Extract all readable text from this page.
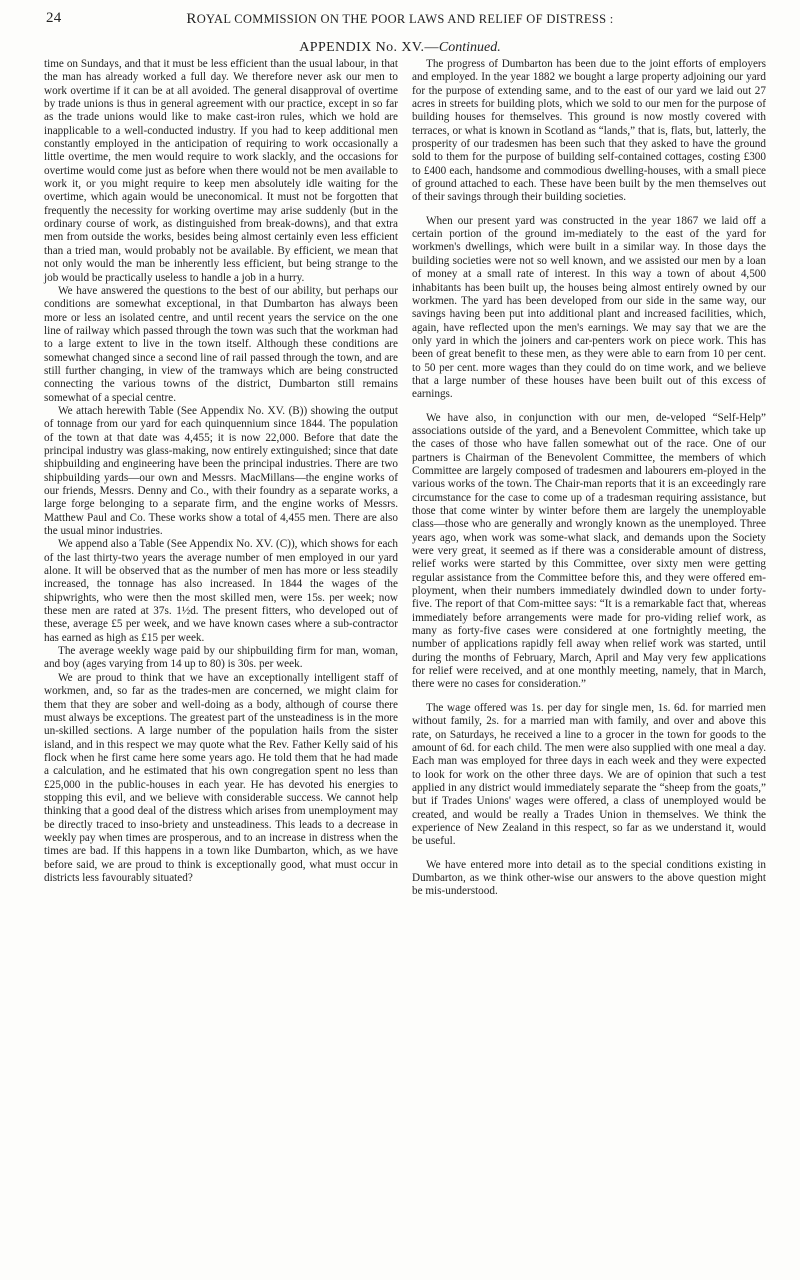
24	ROYAL COMMISSION ON THE POOR LAWS AND RELIEF OF DISTRESS :
APPENDIX No. XV.—Continued.

time on Sundays, and that it must be less efficient than the usual labour, in that the man has already worked a full day. We therefore never ask our men to work overtime if it can be at all avoided. The general disapproval of overtime by trade unions is thus in general agreement with our practice, except in so far as the trade unions would like to make cast-iron rules, which we hold are inapplicable to a well-conducted industry. If you had to keep additional men constantly employed in the anticipation of requiring to work occasionally a little overtime, the men would require to work slackly, and the occasions for overtime would come just as before when there would not be men available to work it, or you might require to keep men absolutely idle waiting for the overtime, which again would be uneconomical. It must not be forgotten that frequently the necessity for working overtime may arise suddenly (but in the ordinary course of work, as distinguished from break-downs), and that extra men from outside the works, besides being almost certainly even less efficient than a tried man, would probably not be available. By efficient, we mean that not only would the man be inherently less efficient, but being strange to the job would be practically useless to handle a job in a hurry.

We have answered the questions to the best of our ability, but perhaps our conditions are somewhat exceptional, in that Dumbarton has always been more or less an isolated centre, and until recent years the service on the one line of railway which passed through the town was such that the workman had to a large extent to live in the town itself. Although these conditions are somewhat changed since a second line of rail passed through the town, and are still further changing, in view of the tramways which are being constructed connecting the various towns of the district, Dumbarton still remains somewhat of a special centre.

We attach herewith Table (See Appendix No. XV. (B)) showing the output of tonnage from our yard for each quinquennium since 1844. The population of the town at that date was 4,455; it is now 22,000. Before that date the principal industry was glass-making, now entirely extinguished; since that date shipbuilding and engineering have been the principal industries. There are two shipbuilding yards—our own and Messrs. MacMillans—the engine works of our friends, Messrs. Denny and Co., with their foundry as a separate works, a large forge belonging to a separate firm, and the engine works of Messrs. Matthew Paul and Co. These works show a total of 4,455 men. There are also the usual minor industries.

We append also a Table (See Appendix No. XV. (C)), which shows for each of the last thirty-two years the average number of men employed in our yard alone. It will be observed that as the number of men has more or less steadily increased, the tonnage has also increased. In 1844 the wages of the shipwrights, who were then the most skilled men, were 15s. per week; now these men are rated at 37s. 1½d. The present fitters, who developed out of these, average £5 per week, and we have known cases where a sub-contractor has earned as high as £15 per week.

The average weekly wage paid by our shipbuilding firm for man, woman, and boy (ages varying from 14 up to 80) is 30s. per week.

We are proud to think that we have an exceptionally intelligent staff of workmen, and, so far as the trades-men are concerned, we might claim for them that they are sober and well-doing as a body, although of course there must always be exceptions. The greatest part of the unsteadiness is in the more un-skilled sections. A large number of the population hails from the sister island, and in this respect we may quote what the Rev. Father Kelly said of his flock when he first came here some years ago. He told them that he had made a calculation, and he estimated that his own congregation spent no less than £25,000 in the public-houses in each year. He has devoted his energies to stopping this evil, and we believe with considerable success. We cannot help thinking that a good deal of the distress which arises from unemployment may be directly traced to inso-briety and unsteadiness. This leads to a decrease in weekly pay when times are prosperous, and to an increase in distress when the times are bad. If this happens in a town like Dumbarton, which, as we have before said, we are proud to think is exceptionally good, what must occur in districts less favourably situated?

The progress of Dumbarton has been due to the joint efforts of employers and employed. In the year 1882 we bought a large property adjoining our yard for the purpose of extending same, and to the east of our yard we laid out 27 acres in streets for building plots, which we sold to our men for the purpose of building houses for themselves. This ground is now mostly covered with terraces, or what is known in Scotland as “lands,” that is, flats, but, latterly, the prosperity of our tradesmen has been such that they asked to have the ground sold to them for the purpose of building self-contained cottages, costing £300 to £400 each, handsome and commodious dwelling-houses, with a small piece of ground attached to each. These have been built by the men themselves out of their savings through their building societies.

When our present yard was constructed in the year 1867 we laid off a certain portion of the ground im-mediately to the east of the yard for workmen's dwellings, which were built in a similar way. In those days the building societies were not so well known, and we assisted our men by a loan of money at a small rate of interest. In this way a town of about 4,500 inhabitants has been built up, the houses being almost entirely owned by our workmen. The yard has been developed from our side in the same way, our savings having been put into additional plant and increased facilities, which, again, have reflected upon the men's earnings. We may say that we are the only yard in which the joiners and car-penters work on piece work. This has been of great benefit to these men, as they were able to earn from 10 per cent. to 50 per cent. more wages than they could do on time work, and we believe that a large number of these houses have been built out of this excess of earnings.

We have also, in conjunction with our men, de-veloped “Self-Help” associations outside of the yard, and a Benevolent Committee, which take up the cases of those who have fallen somewhat out of the race. One of our partners is Chairman of the Benevolent Committee, the members of which Committee are largely composed of tradesmen and labourers em-ployed in the various works of the town. The Chair-man reports that it is an exceedingly rare circumstance for the case to come up of a tradesman requiring assistance, but those that come winter by winter before them are largely the unemployable class—those who are generally and wrongly known as the unemployed. Three years ago, when work was some-what slack, and demands upon the Society were very great, it seemed as if there was a considerable amount of distress, relief works were started by this Committee, over sixty men were getting regular assistance from the Committee before this, and they were offered em-ployment, when their numbers immediately dwindled down to under forty-five. The report of that Com-mittee says: “It is a remarkable fact that, whereas immediately before arrangements were made for pro-viding relief work, as many as forty-five cases were considered at one fortnightly meeting, the number of applications rapidly fell away when relief work was started, until during the months of February, March, April and May very few applications for relief were received, and at one monthly meeting, namely, that in March, there were no cases for consideration.”

The wage offered was 1s. per day for single men, 1s. 6d. for married men without family, 2s. for a married man with family, and over and above this rate, on Saturdays, he received a line to a grocer in the town for goods to the amount of 6d. for each child. The men were also supplied with one meal a day. Each man was employed for three days in each week and they were expected to look for work on the other three days. We are of opinion that such a test applied in any district would immediately separate the “sheep from the goats,” but if Trades Unions' wages were offered, a class of unemployed would be created, and would be really a Trades Union in themselves. We think the experience of New Zealand in this respect, so far as we understand it, would be useful.

We have entered more into detail as to the special conditions existing in Dumbarton, as we think other-wise our answers to the above question might be mis-understood.
